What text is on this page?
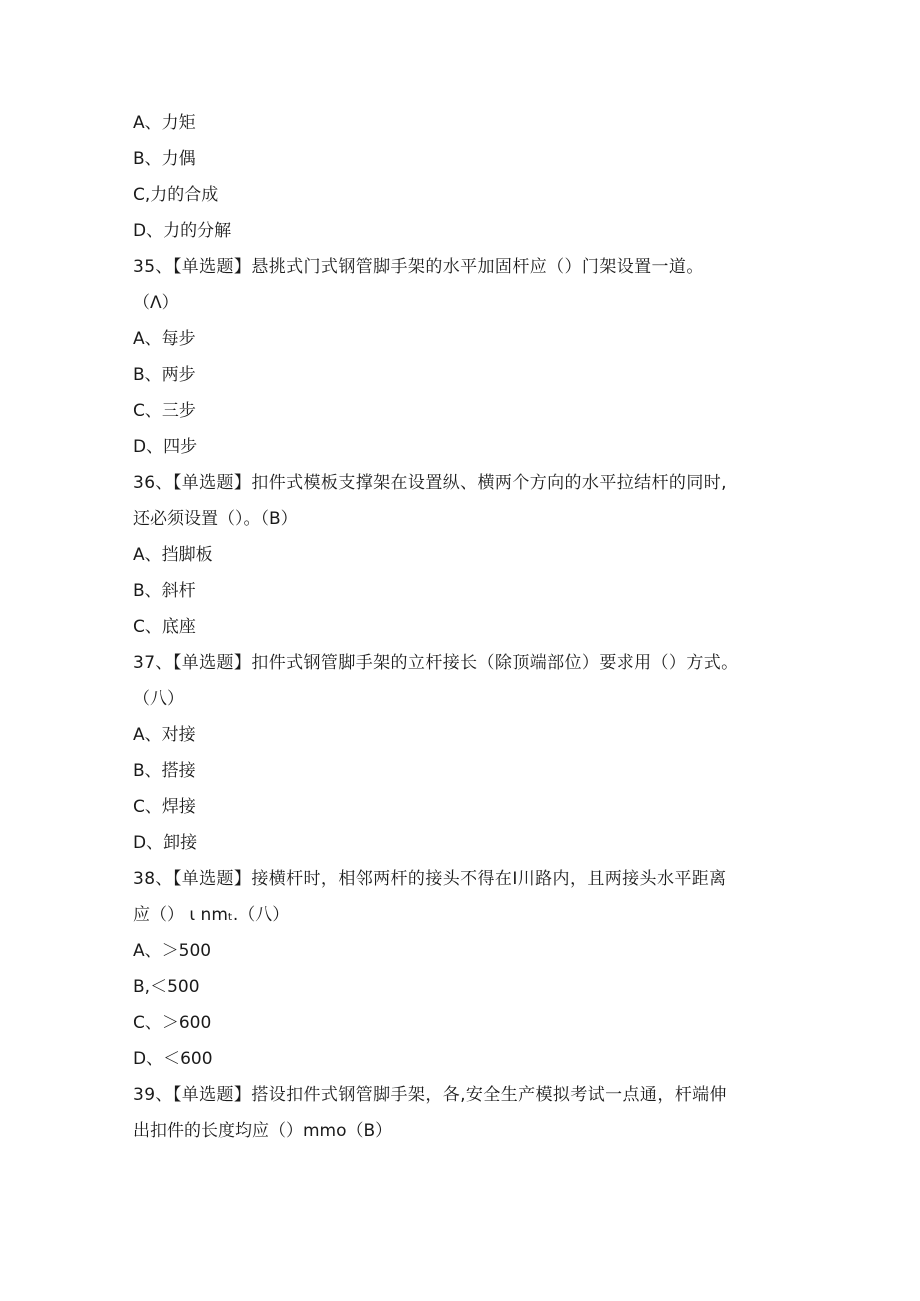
A、力矩
B、力偶
C,力的合成
D、力的分解
35、【单选题】悬挑式门式钢管脚手架的水平加固杆应（）门架设置一道。
（Λ）
A、每步
B、两步
C、三步
D、四步
36、【单选题】扣件式模板支撑架在设置纵、横两个方向的水平拉结杆的同时,
还必须设置（）。（B）
A、挡脚板
B、斜杆
C、底座
37、【单选题】扣件式钢管脚手架的立杆接长（除顶端部位）要求用（）方式。
（八）
A、对接
B、搭接
C、焊接
D、卸接
38、【单选题】接横杆时，相邻两杆的接头不得在I川路内，且两接头水平距离
应（） ι nmₜ.（八）
A、＞500
B,＜500
C、＞600
D、＜600
39、【单选题】搭设扣件式钢管脚手架，各,安全生产模拟考试一点通，杆端伸
出扣件的长度均应（）mmo（B）
